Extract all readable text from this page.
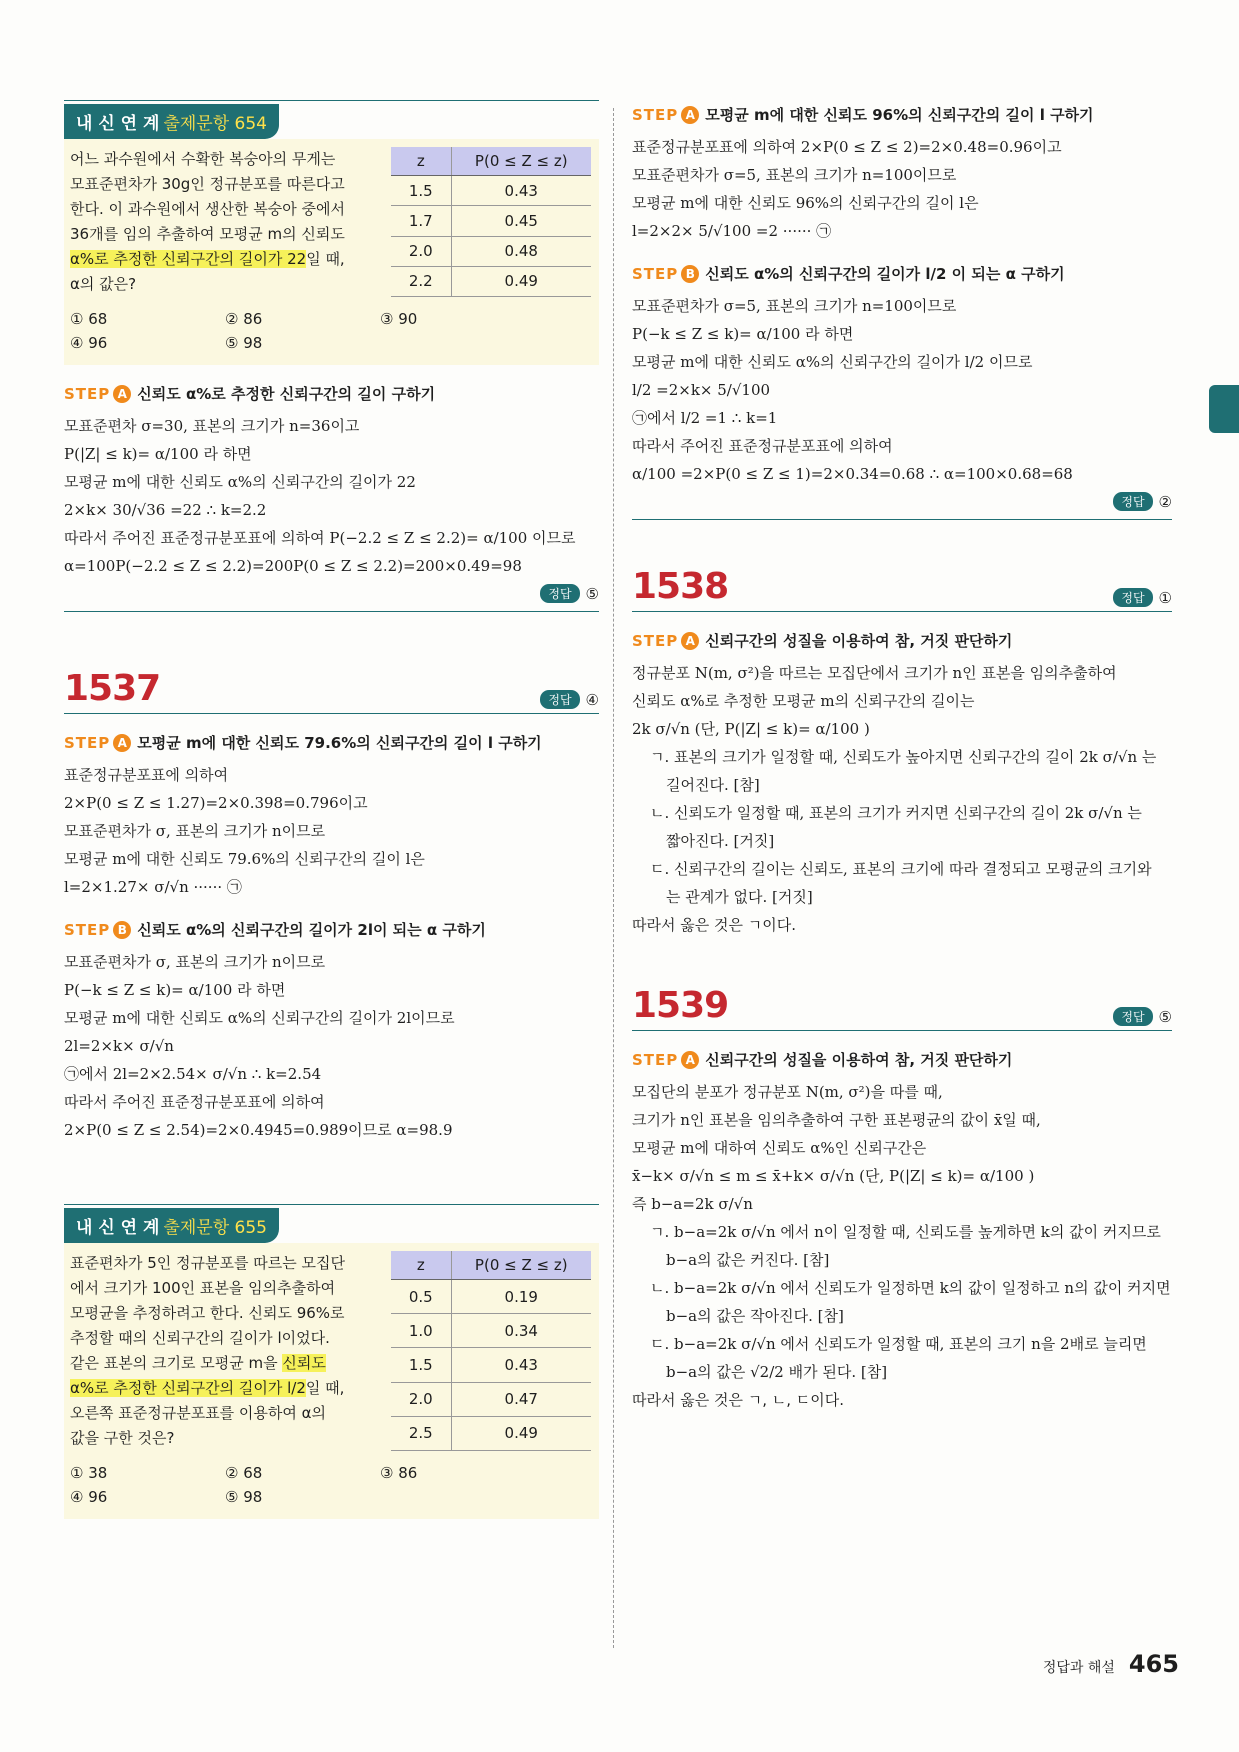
내 신 연 계 출제문항 654
어느 과수원에서 수확한 복숭아의 무게는
모표준편차가 30g인 정규분포를 따른다고
한다. 이 과수원에서 생산한 복숭아 중에서
36개를 임의 추출하여 모평균 m의 신뢰도
α%로 추정한 신뢰구간의 길이가 22일 때,
α의 값은?
z	P(0 ≤ Z ≤ z)
1.5	0.43
1.7	0.45
2.0	0.48
2.2	0.49
① 68	② 86	③ 90
④ 96	⑤ 98
STEP A 신뢰도 α%로 추정한 신뢰구간의 길이 구하기
모표준편차 σ=30, 표본의 크기가 n=36이고
P(|Z| ≤ k)= α/100 라 하면
모평균 m에 대한 신뢰도 α%의 신뢰구간의 길이가 22
2×k× 30/√36 =22 ∴ k=2.2
따라서 주어진 표준정규분포표에 의하여 P(−2.2 ≤ Z ≤ 2.2)= α/100 이므로
α=100P(−2.2 ≤ Z ≤ 2.2)=200P(0 ≤ Z ≤ 2.2)=200×0.49=98
정답 ⑤
1537	정답 ④
STEP A 모평균 m에 대한 신뢰도 79.6%의 신뢰구간의 길이 l 구하기
표준정규분포표에 의하여
2×P(0 ≤ Z ≤ 1.27)=2×0.398=0.796이고
모표준편차가 σ, 표본의 크기가 n이므로
모평균 m에 대한 신뢰도 79.6%의 신뢰구간의 길이 l은
l=2×1.27× σ/√n ······ ㉠
STEP B 신뢰도 α%의 신뢰구간의 길이가 2l이 되는 α 구하기
모표준편차가 σ, 표본의 크기가 n이므로
P(−k ≤ Z ≤ k)= α/100 라 하면
모평균 m에 대한 신뢰도 α%의 신뢰구간의 길이가 2l이므로
2l=2×k× σ/√n
㉠에서 2l=2×2.54× σ/√n ∴ k=2.54
따라서 주어진 표준정규분포표에 의하여
2×P(0 ≤ Z ≤ 2.54)=2×0.4945=0.989이므로 α=98.9
내 신 연 계 출제문항 655
표준편차가 5인 정규분포를 따르는 모집단
에서 크기가 100인 표본을 임의추출하여
모평균을 추정하려고 한다. 신뢰도 96%로
추정할 때의 신뢰구간의 길이가 l이었다.
같은 표본의 크기로 모평균 m을 신뢰도
α%로 추정한 신뢰구간의 길이가 l/2일 때,
오른쪽 표준정규분포표를 이용하여 α의
값을 구한 것은?
z	P(0 ≤ Z ≤ z)
0.5	0.19
1.0	0.34
1.5	0.43
2.0	0.47
2.5	0.49
① 38	② 68	③ 86
④ 96	⑤ 98
STEP A 모평균 m에 대한 신뢰도 96%의 신뢰구간의 길이 l 구하기
표준정규분포표에 의하여 2×P(0 ≤ Z ≤ 2)=2×0.48=0.96이고
모표준편차가 σ=5, 표본의 크기가 n=100이므로
모평균 m에 대한 신뢰도 96%의 신뢰구간의 길이 l은
l=2×2× 5/√100 =2 ······ ㉠
STEP B 신뢰도 α%의 신뢰구간의 길이가 l/2 이 되는 α 구하기
모표준편차가 σ=5, 표본의 크기가 n=100이므로
P(−k ≤ Z ≤ k)= α/100 라 하면
모평균 m에 대한 신뢰도 α%의 신뢰구간의 길이가 l/2 이므로
l/2 =2×k× 5/√100
㉠에서 l/2 =1 ∴ k=1
따라서 주어진 표준정규분포표에 의하여
α/100 =2×P(0 ≤ Z ≤ 1)=2×0.34=0.68 ∴ α=100×0.68=68
정답 ②
1538	정답 ①
STEP A 신뢰구간의 성질을 이용하여 참, 거짓 판단하기
정규분포 N(m, σ²)을 따르는 모집단에서 크기가 n인 표본을 임의추출하여
신뢰도 α%로 추정한 모평균 m의 신뢰구간의 길이는
2k σ/√n (단, P(|Z| ≤ k)= α/100 )
ㄱ. 표본의 크기가 일정할 때, 신뢰도가 높아지면 신뢰구간의 길이 2k σ/√n 는
길어진다. [참]
ㄴ. 신뢰도가 일정할 때, 표본의 크기가 커지면 신뢰구간의 길이 2k σ/√n 는
짧아진다. [거짓]
ㄷ. 신뢰구간의 길이는 신뢰도, 표본의 크기에 따라 결정되고 모평균의 크기와
는 관계가 없다. [거짓]
따라서 옳은 것은 ㄱ이다.
1539	정답 ⑤
STEP A 신뢰구간의 성질을 이용하여 참, 거짓 판단하기
모집단의 분포가 정규분포 N(m, σ²)을 따를 때,
크기가 n인 표본을 임의추출하여 구한 표본평균의 값이 x̄일 때,
모평균 m에 대하여 신뢰도 α%인 신뢰구간은
x̄−k× σ/√n ≤ m ≤ x̄+k× σ/√n (단, P(|Z| ≤ k)= α/100 )
즉 b−a=2k σ/√n
ㄱ. b−a=2k σ/√n 에서 n이 일정할 때, 신뢰도를 높게하면 k의 값이 커지므로
b−a의 값은 커진다. [참]
ㄴ. b−a=2k σ/√n 에서 신뢰도가 일정하면 k의 값이 일정하고 n의 값이 커지면
b−a의 값은 작아진다. [참]
ㄷ. b−a=2k σ/√n 에서 신뢰도가 일정할 때, 표본의 크기 n을 2배로 늘리면
b−a의 값은 √2/2 배가 된다. [참]
따라서 옳은 것은 ㄱ, ㄴ, ㄷ이다.
정답과 해설 465
